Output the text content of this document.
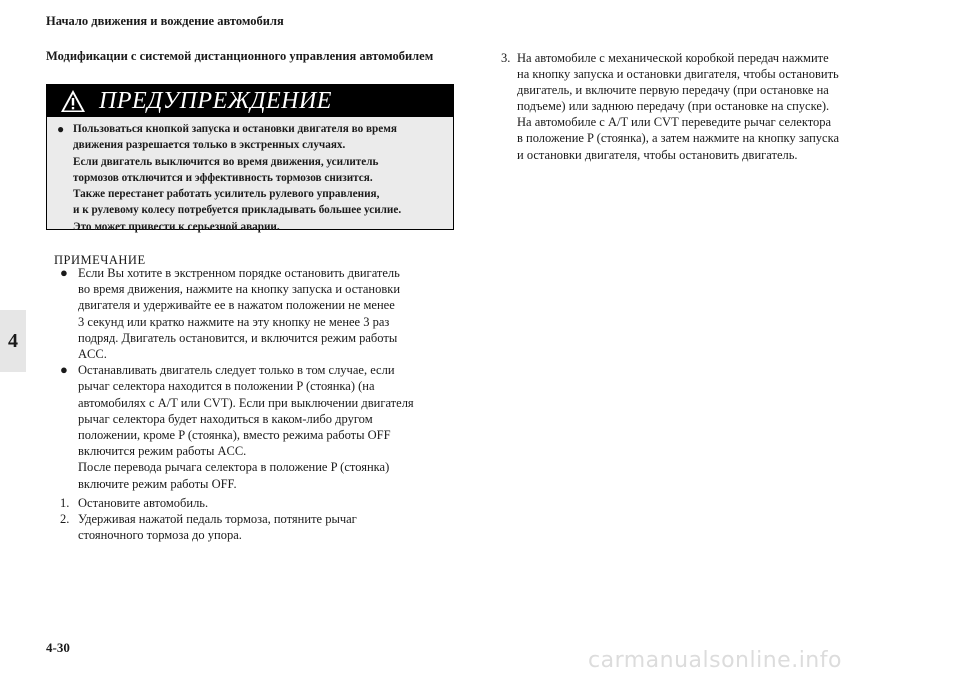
Начало движения и вождение автомобиля
Модификации с системой дистанционного управления автомобилем
4
ПРЕДУПРЕЖДЕНИЕ
● Пользоваться кнопкой запуска и остановки двигателя во время
движения разрешается только в экстренных случаях.
Если двигатель выключится во время движения, усилитель
тормозов отключится и эффективность тормозов снизится.
Также перестанет работать усилитель рулевого управления,
и к рулевому колесу потребуется прикладывать большее усилие.
Это может привести к серьезной аварии.
ПРИМЕЧАНИЕ
● Если Вы хотите в экстренном порядке остановить двигатель
во время движения, нажмите на кнопку запуска и остановки
двигателя и удерживайте ее в нажатом положении не менее
3 секунд или кратко нажмите на эту кнопку не менее 3 раз
подряд. Двигатель остановится, и включится режим работы
ACC.
● Останавливать двигатель следует только в том случае, если
рычаг селектора находится в положении P (стоянка) (на
автомобилях с A/T или CVT). Если при выключении двигателя
рычаг селектора будет находиться в каком-либо другом
положении, кроме P (стоянка), вместо режима работы OFF
включится режим работы ACC.
После перевода рычага селектора в положение P (стоянка)
включите режим работы OFF.
1. Остановите автомобиль.
2. Удерживая нажатой педаль тормоза, потяните рычаг
стояночного тормоза до упора.
3. На автомобиле с механической коробкой передач нажмите
на кнопку запуска и остановки двигателя, чтобы остановить
двигатель, и включите первую передачу (при остановке на
подъеме) или заднюю передачу (при остановке на спуске).
На автомобиле с A/T или CVT переведите рычаг селектора
в положение P (стоянка), а затем нажмите на кнопку запуска
и остановки двигателя, чтобы остановить двигатель.
4-30
carmanualsonline.info
